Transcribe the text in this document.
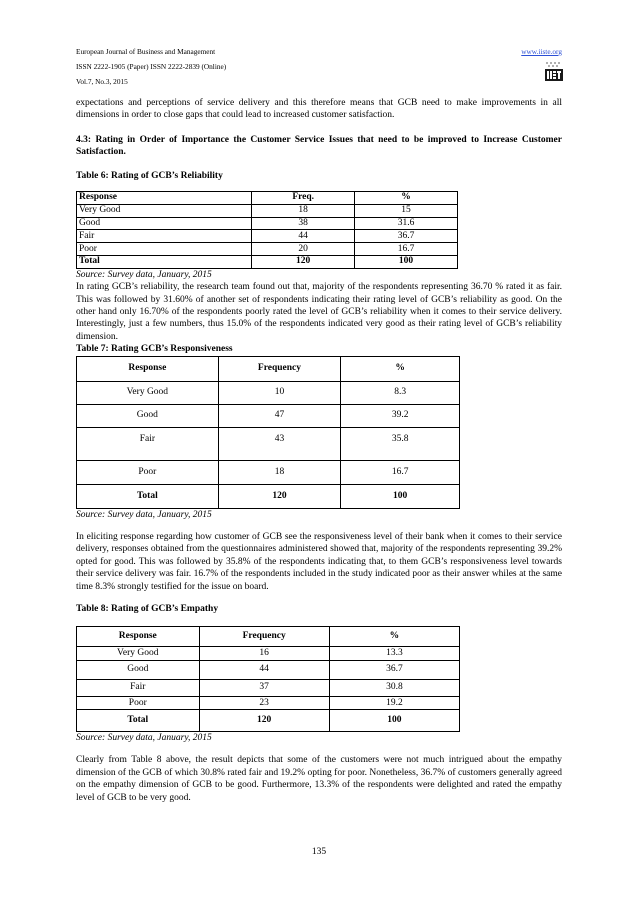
European Journal of Business and Management
ISSN 2222-1905 (Paper) ISSN 2222-2839 (Online)
Vol.7, No.3, 2015
www.iiste.org

expectations and perceptions of service delivery and this therefore means that GCB need to make improvements in all dimensions in order to close gaps that could lead to increased customer satisfaction.

4.3: Rating in Order of Importance the Customer Service Issues that need to be improved to Increase Customer Satisfaction.

Table 6: Rating of GCB’s Reliability
Response	Freq.	%
Very Good	18	15
Good	38	31.6
Fair	44	36.7
Poor	20	16.7
Total	120	100
Source: Survey data, January, 2015

In rating GCB’s reliability, the research team found out that, majority of the respondents representing 36.70 % rated it as fair. This was followed by 31.60% of another set of respondents indicating their rating level of GCB’s reliability as good. On the other hand only 16.70% of the respondents poorly rated the level of GCB’s reliability when it comes to their service delivery. Interestingly, just a few numbers, thus 15.0% of the respondents indicated very good as their rating level of GCB’s reliability dimension.

Table 7: Rating GCB’s Responsiveness
Response	Frequency	%
Very Good	10	8.3
Good	47	39.2
Fair	43	35.8
Poor	18	16.7
Total	120	100
Source: Survey data, January, 2015

In eliciting response regarding how customer of GCB see the responsiveness level of their bank when it comes to their service delivery, responses obtained from the questionnaires administered showed that, majority of the respondents representing 39.2% opted for good. This was followed by 35.8% of the respondents indicating that, to them GCB’s responsiveness level towards their service delivery was fair. 16.7% of the respondents included in the study indicated poor as their answer whiles at the same time 8.3% strongly testified for the issue on board.

Table 8: Rating of GCB’s Empathy
Response	Frequency	%
Very Good	16	13.3
Good	44	36.7
Fair	37	30.8
Poor	23	19.2
Total	120	100
Source: Survey data, January, 2015

Clearly from Table 8 above, the result depicts that some of the customers were not much intrigued about the empathy dimension of the GCB of which 30.8% rated fair and 19.2% opting for poor. Nonetheless, 36.7% of customers generally agreed on the empathy dimension of GCB to be good. Furthermore, 13.3% of the respondents were delighted and rated the empathy level of GCB to be very good.

135
